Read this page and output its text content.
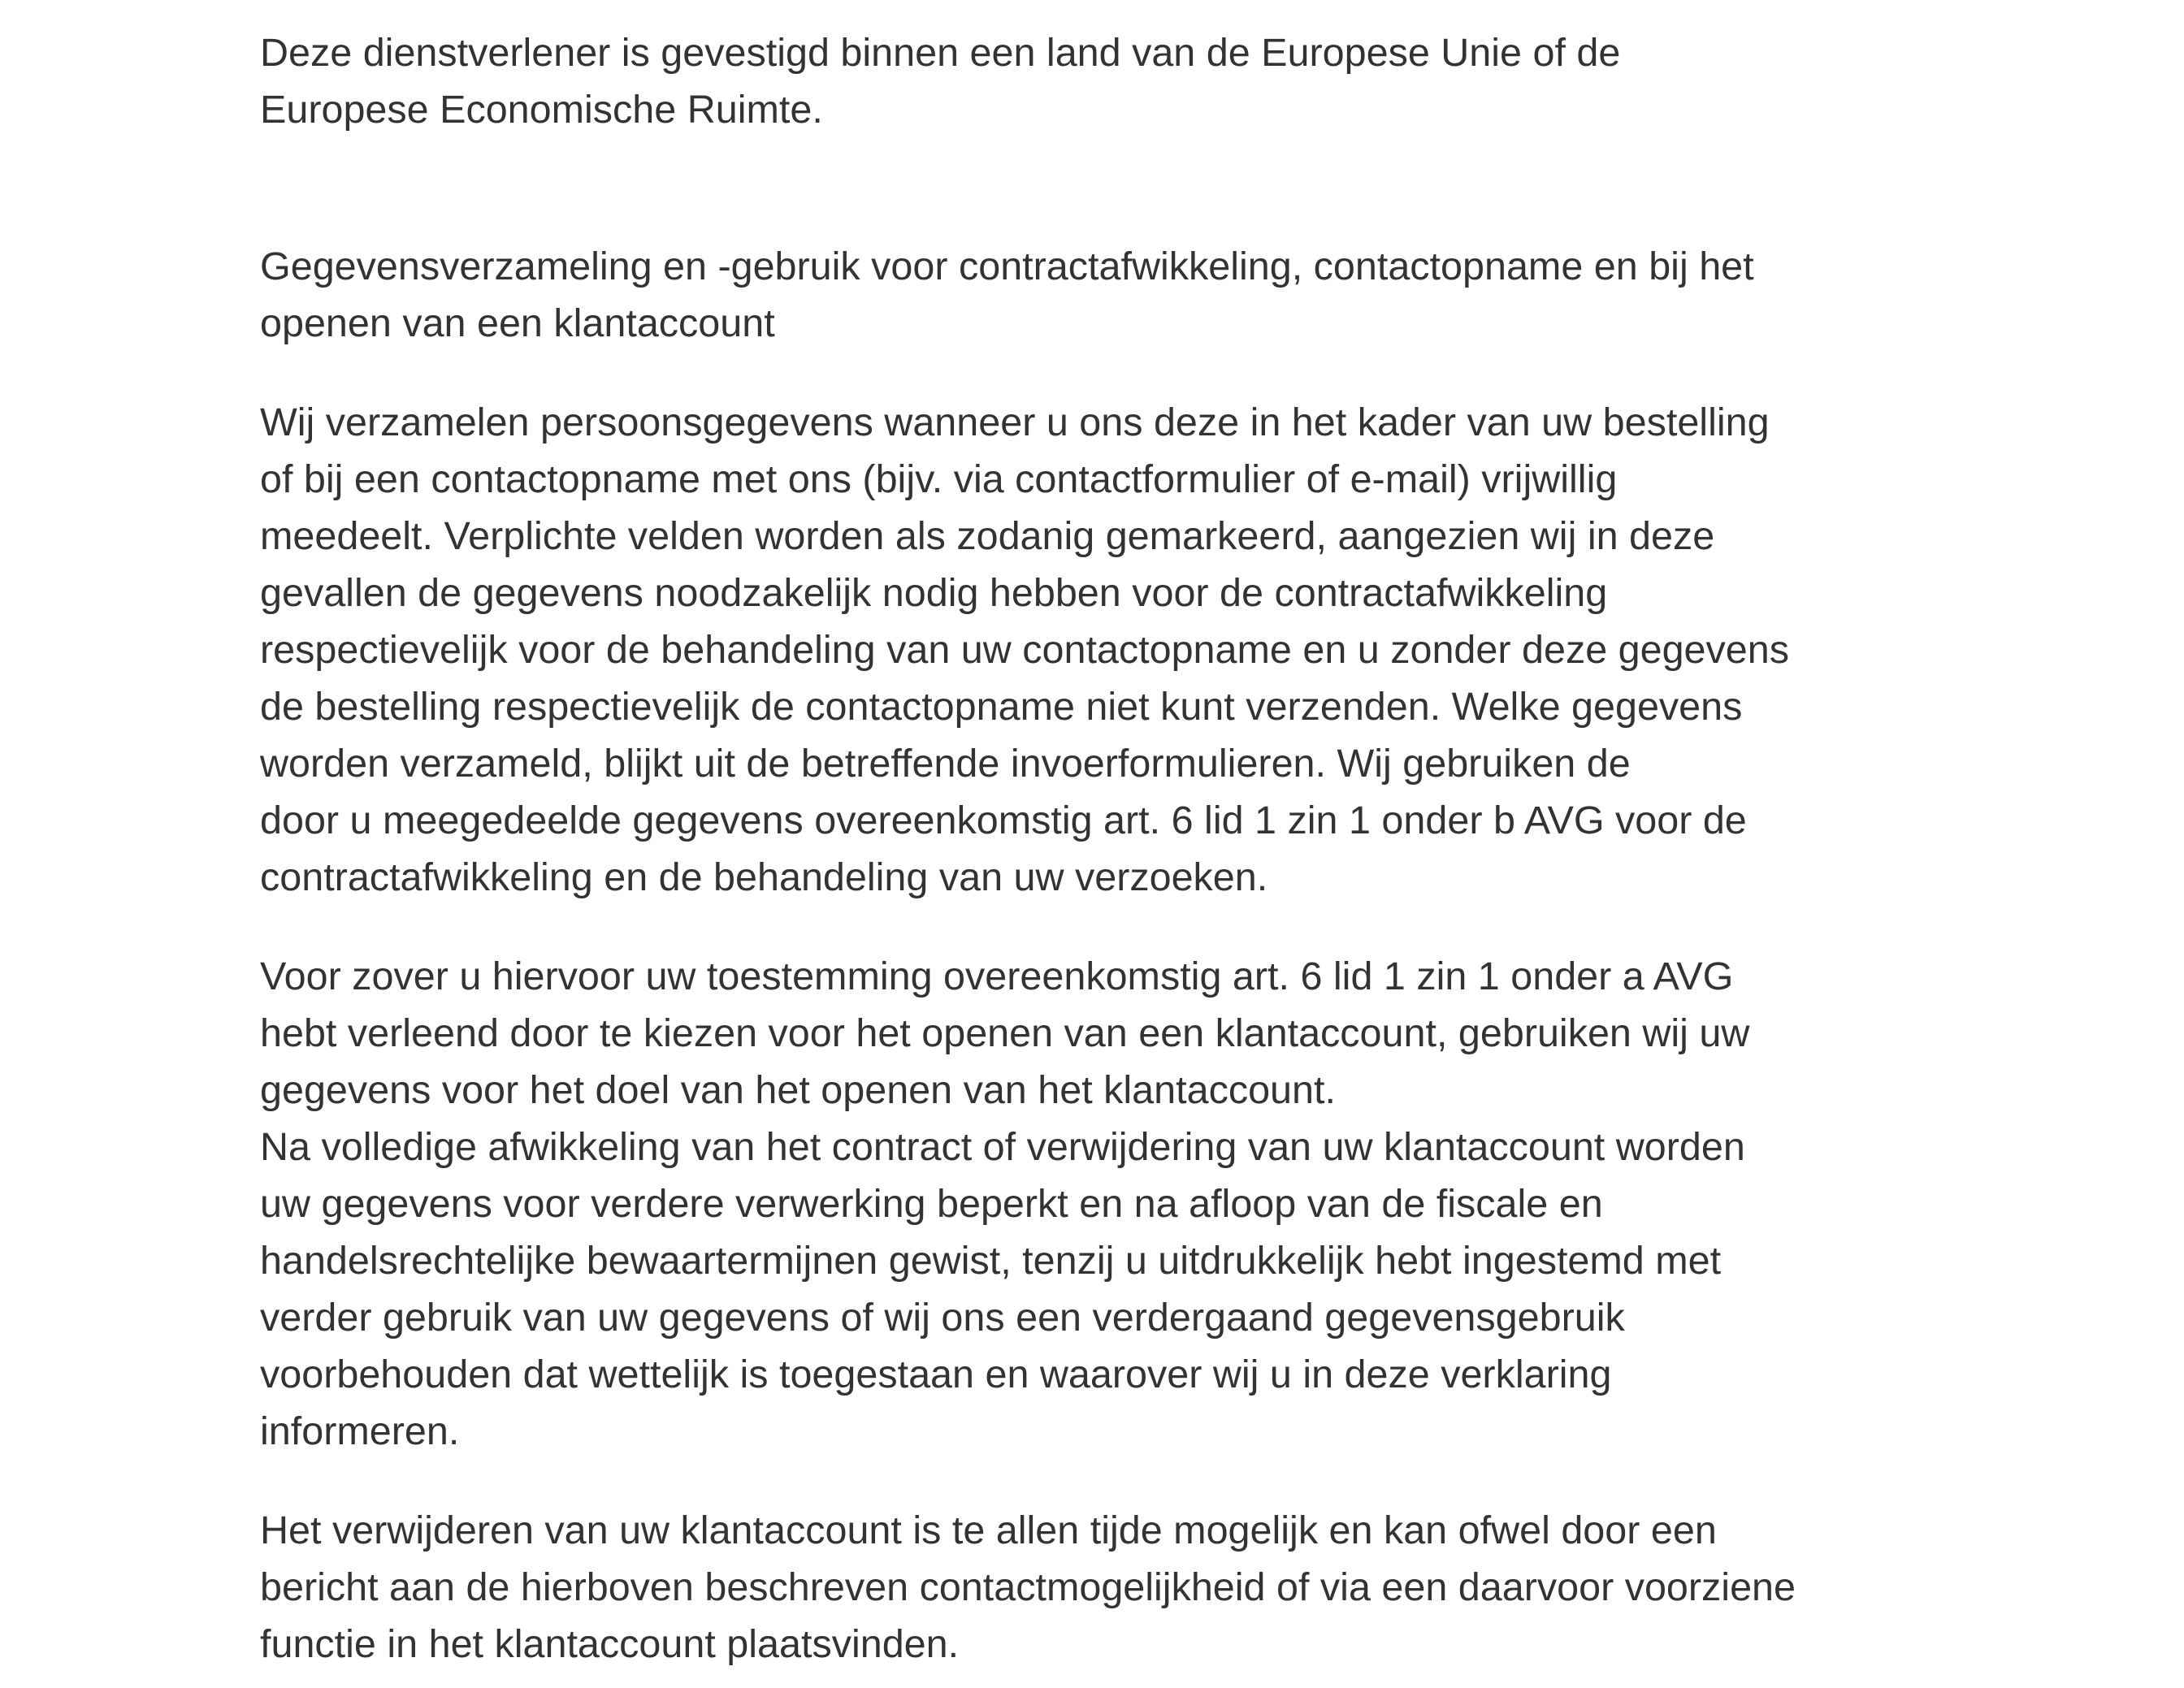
Deze dienstverlener is gevestigd binnen een land van de Europese Unie of de
Europese Economische Ruimte.

Gegevensverzameling en -gebruik voor contractafwikkeling, contactopname en bij het
openen van een klantaccount

Wij verzamelen persoonsgegevens wanneer u ons deze in het kader van uw bestelling
of bij een contactopname met ons (bijv. via contactformulier of e-mail) vrijwillig
meedeelt. Verplichte velden worden als zodanig gemarkeerd, aangezien wij in deze
gevallen de gegevens noodzakelijk nodig hebben voor de contractafwikkeling
respectievelijk voor de behandeling van uw contactopname en u zonder deze gegevens
de bestelling respectievelijk de contactopname niet kunt verzenden. Welke gegevens
worden verzameld, blijkt uit de betreffende invoerformulieren. Wij gebruiken de
door u meegedeelde gegevens overeenkomstig art. 6 lid 1 zin 1 onder b AVG voor de
contractafwikkeling en de behandeling van uw verzoeken.

Voor zover u hiervoor uw toestemming overeenkomstig art. 6 lid 1 zin 1 onder a AVG
hebt verleend door te kiezen voor het openen van een klantaccount, gebruiken wij uw
gegevens voor het doel van het openen van het klantaccount.
Na volledige afwikkeling van het contract of verwijdering van uw klantaccount worden
uw gegevens voor verdere verwerking beperkt en na afloop van de fiscale en
handelsrechtelijke bewaartermijnen gewist, tenzij u uitdrukkelijk hebt ingestemd met
verder gebruik van uw gegevens of wij ons een verdergaand gegevensgebruik
voorbehouden dat wettelijk is toegestaan en waarover wij u in deze verklaring
informeren.

Het verwijderen van uw klantaccount is te allen tijde mogelijk en kan ofwel door een
bericht aan de hierboven beschreven contactmogelijkheid of via een daarvoor voorziene
functie in het klantaccount plaatsvinden.
